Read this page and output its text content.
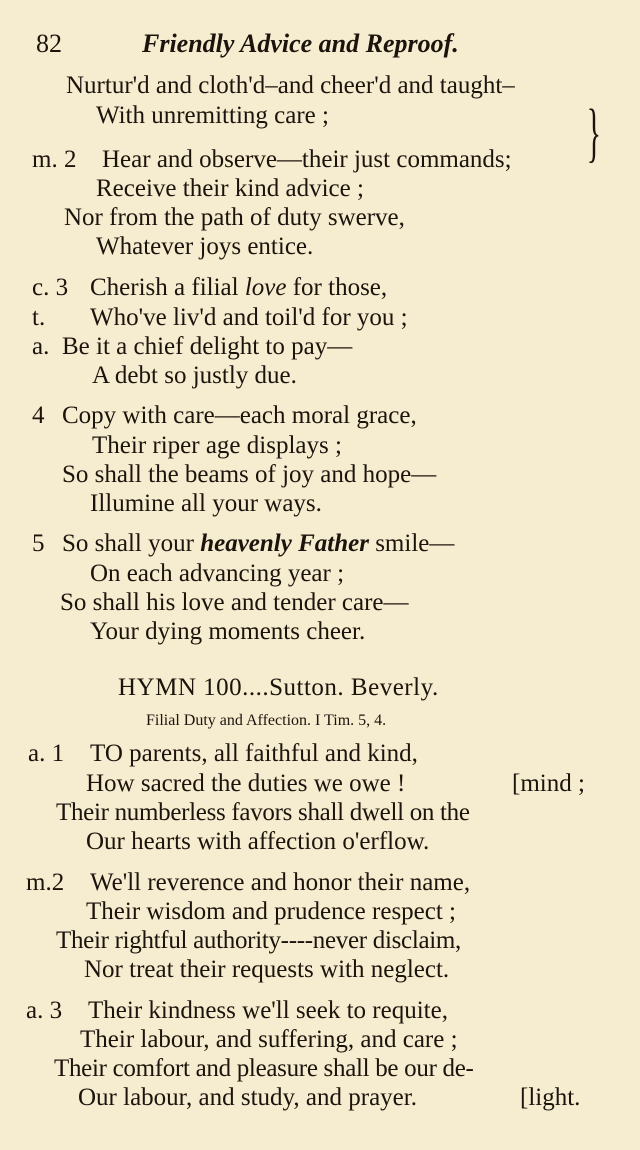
82	Friendly Advice and Reproof.
Nurtur'd and cloth'd–and cheer'd and taught–
With unremitting care ;	}
m. 2 Hear and observe—their just commands;
Receive their kind advice ;
Nor from the path of duty swerve,
Whatever joys entice.
c. 3 Cherish a filial love for those,
t. Who've liv'd and toil'd for you ;
a. Be it a chief delight to pay—
A debt so justly due.
4 Copy with care—each moral grace,
Their riper age displays ;
So shall the beams of joy and hope—
Illumine all your ways.
5 So shall your heavenly Father smile—
On each advancing year ;
So shall his love and tender care—
Your dying moments cheer.
HYMN 100....Sutton. Beverly.
Filial Duty and Affection. I Tim. 5, 4.
a. 1 TO parents, all faithful and kind,
How sacred the duties we owe !	[mind ;
Their numberless favors shall dwell on the
Our hearts with affection o'erflow.
m.2 We'll reverence and honor their name,
Their wisdom and prudence respect ;
Their rightful authority----never disclaim,
Nor treat their requests with neglect.
a. 3 Their kindness we'll seek to requite,
Their labour, and suffering, and care ;
Their comfort and pleasure shall be our de-
Our labour, and study, and prayer.	[light.
